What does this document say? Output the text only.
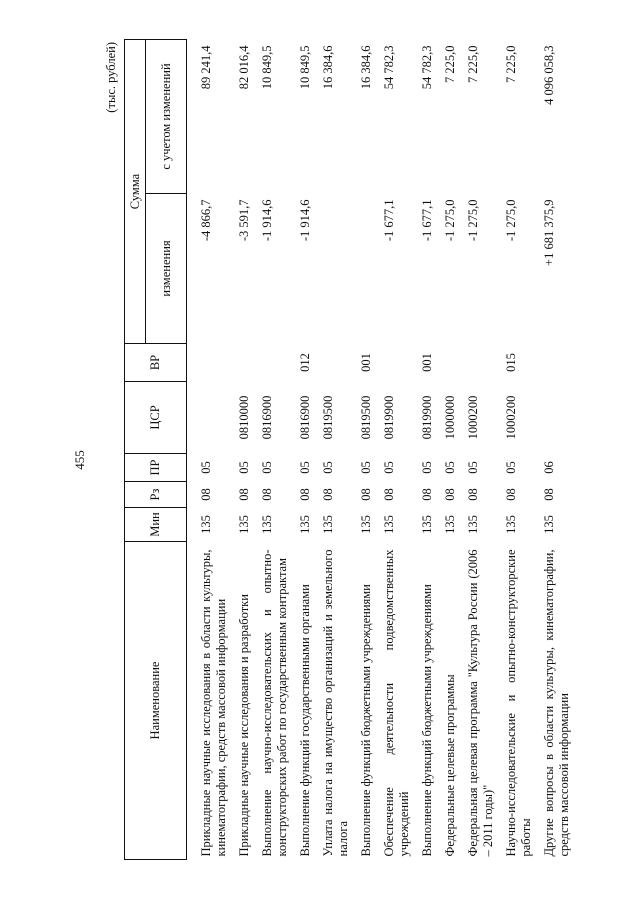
455
(тыс. рублей)
Наименование	Мин	Рз	ПР	ЦСР	ВР	Сумма	
						изменения	с учетом изменений
Прикладные научные исследования в области культуры, кинематографии, средств массовой информации	135	08	05			-4 866,7	89 241,4
Прикладные научные исследования и разработки	135	08	05	0810000		-3 591,7	82 016,4
Выполнение научно-исследовательских и опытно-конструкторских работ по государственным контрактам	135	08	05	0816900		-1 914,6	10 849,5
Выполнение функций государственными органами	135	08	05	0816900	012	-1 914,6	10 849,5
Уплата налога на имущество организаций и земельного налога	135	08	05	0819500			16 384,6
Выполнение функций бюджетными учреждениями	135	08	05	0819500	001		16 384,6
Обеспечение деятельности подведомственных учреждений	135	08	05	0819900		-1 677,1	54 782,3
Выполнение функций бюджетными учреждениями	135	08	05	0819900	001	-1 677,1	54 782,3
Федеральные целевые программы	135	08	05	1000000		-1 275,0	7 225,0
Федеральная целевая программа "Культура России (2006 – 2011 годы)"	135	08	05	1000200		-1 275,0	7 225,0
Научно-исследовательские и опытно-конструкторские работы	135	08	05	1000200	015	-1 275,0	7 225,0
Другие вопросы в области культуры, кинематографии, средств массовой информации	135	08	06			+1 681 375,9	4 096 058,3
